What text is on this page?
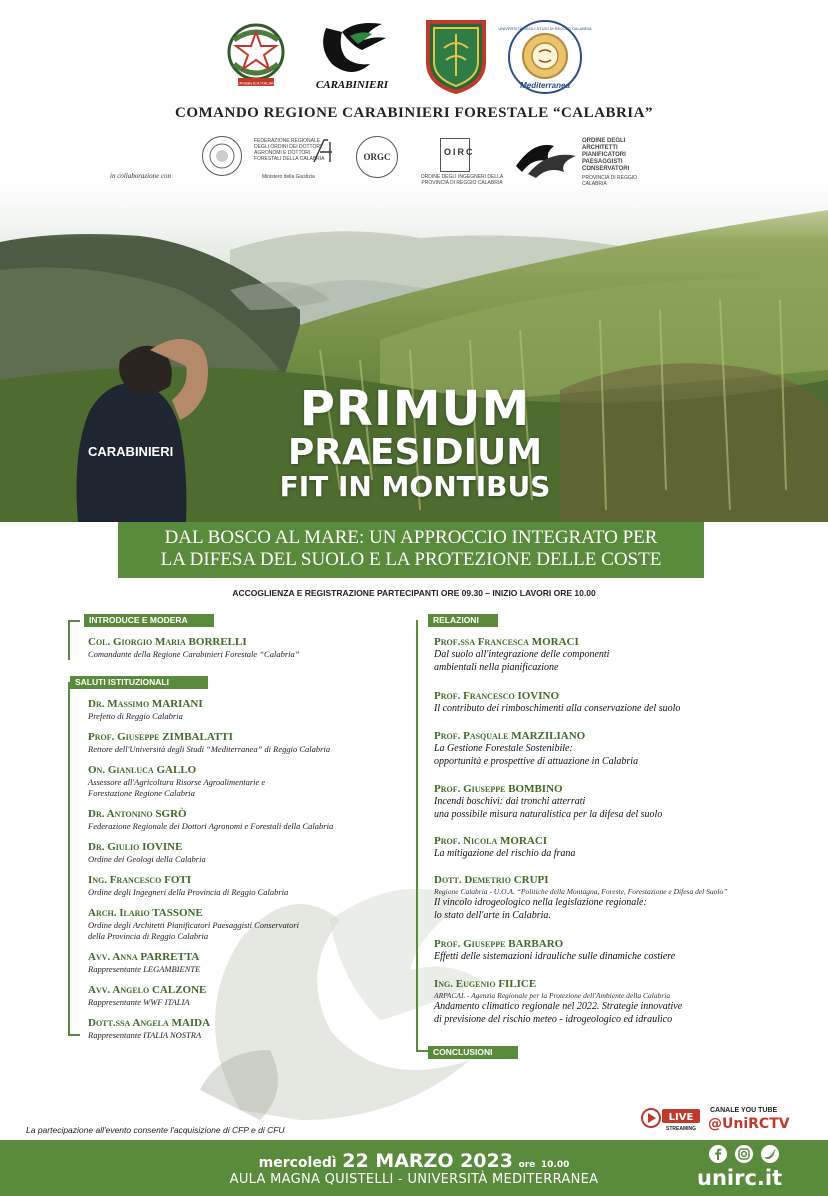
REPUBBLICA ITALIANA	CARABINIERI
UNIVERSITÀ DEGLI STUDI DI REGGIO CALABRIA
Mediterranea
COMANDO REGIONE CARABINIERI FORESTALE “CALABRIA”
CARABINIERI
in collaborazione con
FEDERAZIONE REGIONALE DEGLI ORDINI DEI DOTTORI AGRONOMI E DOTTORI FORESTALI DELLA CALABRIA
Ministero della Giustizia
ORGC	OIRC
ORDINE DEGLI INGEGNERI DELLA PROVINCIA DI REGGIO CALABRIA
ORDINE DEGLI ARCHITETTI PIANIFICATORI PAESAGGISTI CONSERVATORI
PROVINCIA DI REGGIO CALABRIA
PRIMUM
PRAESIDIUM
FIT IN MONTIBUS
DAL BOSCO AL MARE: UN APPROCCIO INTEGRATO PER
LA DIFESA DEL SUOLO E LA PROTEZIONE DELLE COSTE
ACCOGLIENZA E REGISTRAZIONE PARTECIPANTI ORE 09.30 – INIZIO LAVORI ORE 10.00
INTRODUCE E MODERA
Col. Giorgio Maria BORRELLI
Comandante della Regione Carabinieri Forestale “Calabria”
SALUTI ISTITUZIONALI
Dr. Massimo MARIANI
Prefetto di Reggio Calabria
Prof. Giuseppe ZIMBALATTI
Rettore dell'Università degli Studi “Mediterranea” di Reggio Calabria
On. Gianluca GALLO
Assessore all'Agricoltura Risorse Agroalimentarie e
Forestazione Regione Calabria
Dr. Antonino SGRÒ
Federazione Regionale dei Dottori Agronomi e Forestali della Calabria
Dr. Giulio IOVINE
Ordine dei Geologi della Calabria
Ing. Francesco FOTI
Ordine degli Ingegneri della Provincia di Reggio Calabria
Arch. Ilario TASSONE
Ordine degli Architetti Pianificatori Paesaggisti Conservatori
della Provincia di Reggio Calabria
Avv. Anna PARRETTA
Rappresentante LEGAMBIENTE
Avv. Angelo CALZONE
Rappresentante WWF ITALIA
Dott.ssa Angela MAIDA
Rappresentante ITALIA NOSTRA
RELAZIONI
Prof.ssa Francesca MORACI
Dal suolo all'integrazione delle componenti
ambientali nella pianificazione
Prof. Francesco IOVINO
Il contributo dei rimboschimenti alla conservazione del suolo
Prof. Pasquale MARZILIANO
La Gestione Forestale Sostenibile:
opportunità e prospettive di attuazione in Calabria
Prof. Giuseppe BOMBINO
Incendi boschivi: dai tronchi atterrati
una possibile misura naturalistica per la difesa del suolo
Prof. Nicola MORACI
La mitigazione del rischio da frana
Dott. Demetrio CRUPI
Regione Calabria - U.O.A. “Politiche della Montagna, Foreste, Forestazione e Difesa del Suolo”
Il vincolo idrogeologico nella legislazione regionale:
lo stato dell'arte in Calabria.
Prof. Giuseppe BARBARO
Effetti delle sistemazioni idrauliche sulle dinamiche costiere
Ing. Eugenio FILICE
ARPACAL - Agenzia Regionale per la Protezione dell'Ambiente della Calabria
Andamento climatico regionale nel 2022. Strategie innovative
di previsione del rischio meteo - idrogeologico ed idraulico
CONCLUSIONI
La partecipazione all'evento consente l'acquisizione di CFP e di CFU
LIVE
STREAMING
CANALE YOU TUBE
@UniRCTV
mercoledì 22 MARZO 2023 ore 10.00
AULA MAGNA QUISTELLI - UNIVERSITÀ MEDITERRANEA	unirc.it
